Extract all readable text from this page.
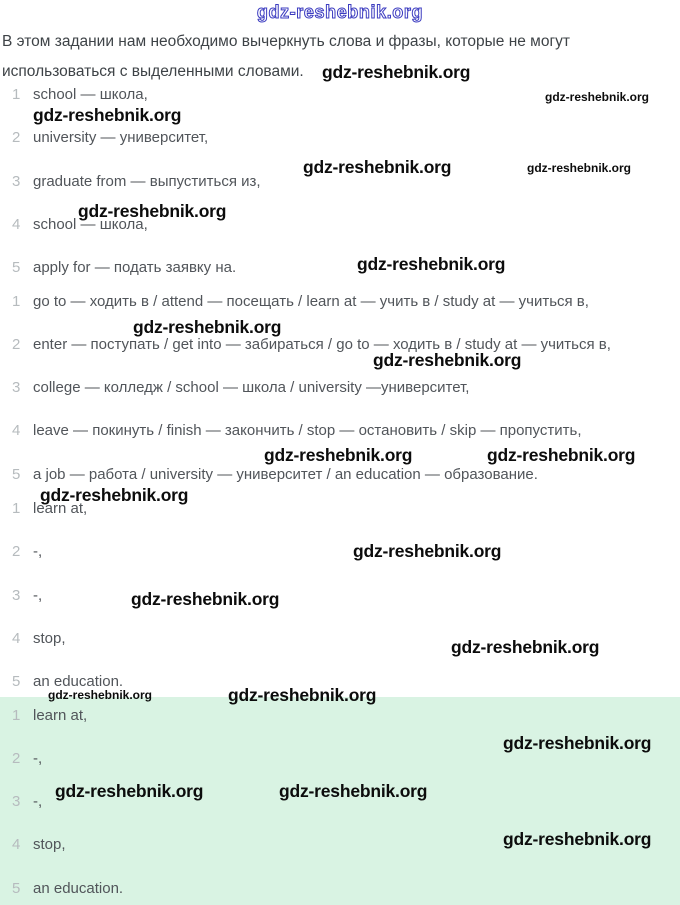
gdz-reshebnik.org

В этом задании нам необходимо вычеркнуть слова и фразы, которые не могут
использоваться с выделенными словами.

1 school — школа,
2 university — университет,
3 graduate from — выпуститься из,
4 school — школа,
5 apply for — подать заявку на.
1 go to — ходить в / attend — посещать / learn at — учить в / study at — учиться в,
2 enter — поступать / get into — забираться / go to — ходить в / study at — учиться в,
3 college — колледж / school — школа / university —университет,
4 leave — покинуть / finish — закончить / stop — остановить / skip — пропустить,
5 a job — работа / university — университет / an education — образование.
1 learn at,
2 -,
3 -,
4 stop,
5 an education.
1 learn at,
2 -,
3 -,
4 stop,
5 an education.
gdz-reshebnik.org
gdz-reshebnik.org
gdz-reshebnik.org
gdz-reshebnik.org	gdz-reshebnik.org
gdz-reshebnik.org
gdz-reshebnik.org
gdz-reshebnik.org
gdz-reshebnik.org
gdz-reshebnik.org	gdz-reshebnik.org
gdz-reshebnik.org
gdz-reshebnik.org
gdz-reshebnik.org
gdz-reshebnik.org
gdz-reshebnik.org	gdz-reshebnik.org
gdz-reshebnik.org
gdz-reshebnik.org	gdz-reshebnik.org
gdz-reshebnik.org
